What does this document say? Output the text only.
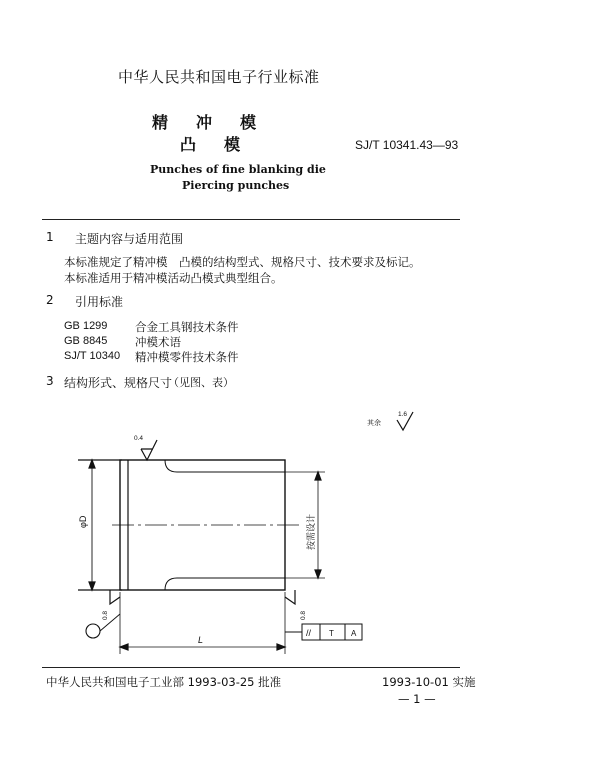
中华人民共和国电子行业标准
精冲模
凸模	SJ/T 10341.43—93
Punches of fine blanking die
Piercing punches
1 主题内容与适用范围
本标准规定了精冲模　凸模的结构型式、规格尺寸、技术要求及标记。
本标准适用于精冲模活动凸模式典型组合。
2 引用标准
GB 1299 合金工具钢技术条件
GB 8845 冲模术语
SJ/T 10340 精冲模零件技术条件
3 结构形式、规格尺寸
（见图、表）
其余
1.6
φD	按需设计
0.4
0.8	0.8
L
// T A
中华人民共和国电子工业部 1993-03-25 批准	1993-10-01 实施
— 1 —
